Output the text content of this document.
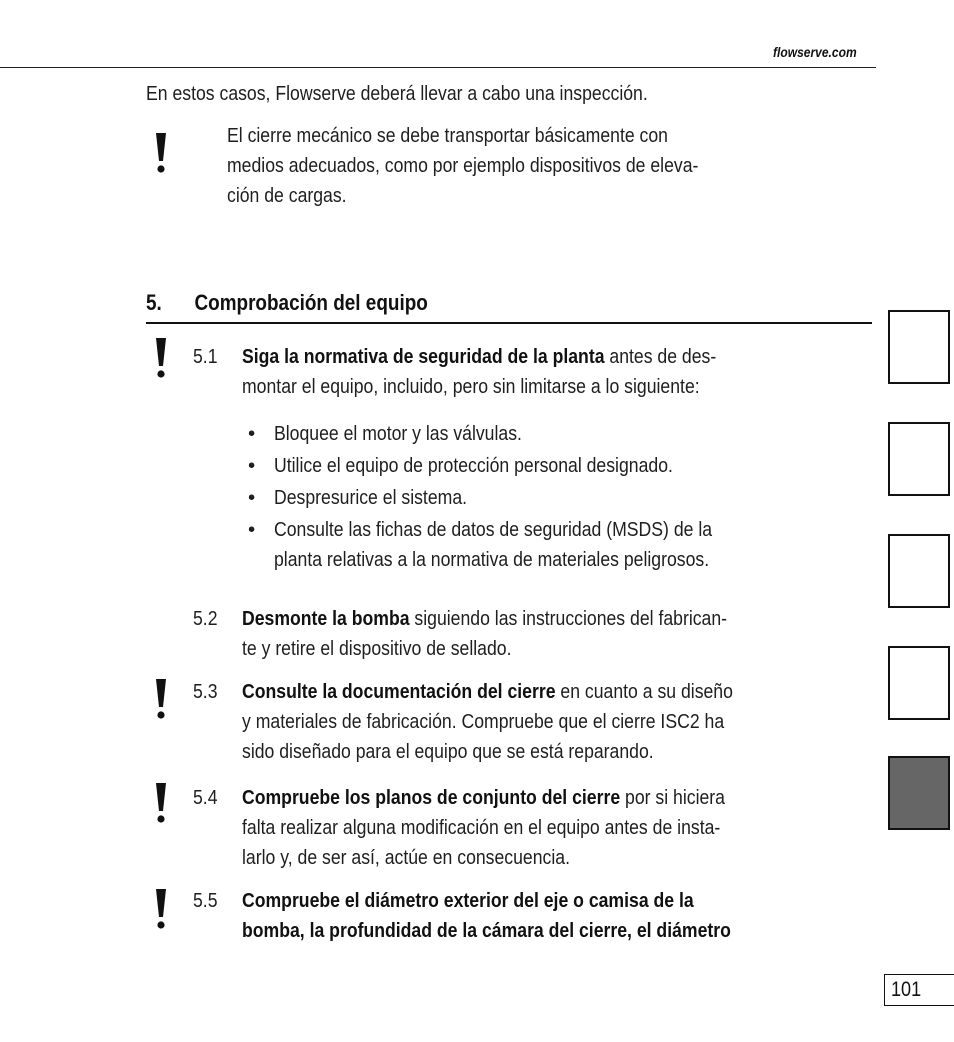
flowserve.com
En estos casos, Flowserve deberá llevar a cabo una inspección.
El cierre mecánico se debe transportar básicamente con
medios adecuados, como por ejemplo dispositivos de eleva-
ción de cargas.
5. Comprobación del equipo
5.1 Siga la normativa de seguridad de la planta antes de des-
montar el equipo, incluido, pero sin limitarse a lo siguiente:
• Bloquee el motor y las válvulas.
• Utilice el equipo de protección personal designado.
• Despresurice el sistema.
• Consulte las fichas de datos de seguridad (MSDS) de la
planta relativas a la normativa de materiales peligrosos.
5.2 Desmonte la bomba siguiendo las instrucciones del fabrican-
te y retire el dispositivo de sellado.
5.3 Consulte la documentación del cierre en cuanto a su diseño
y materiales de fabricación. Compruebe que el cierre ISC2 ha
sido diseñado para el equipo que se está reparando.
5.4 Compruebe los planos de conjunto del cierre por si hiciera
falta realizar alguna modificación en el equipo antes de insta-
larlo y, de ser así, actúe en consecuencia.
5.5 Compruebe el diámetro exterior del eje o camisa de la
bomba, la profundidad de la cámara del cierre, el diámetro
101
